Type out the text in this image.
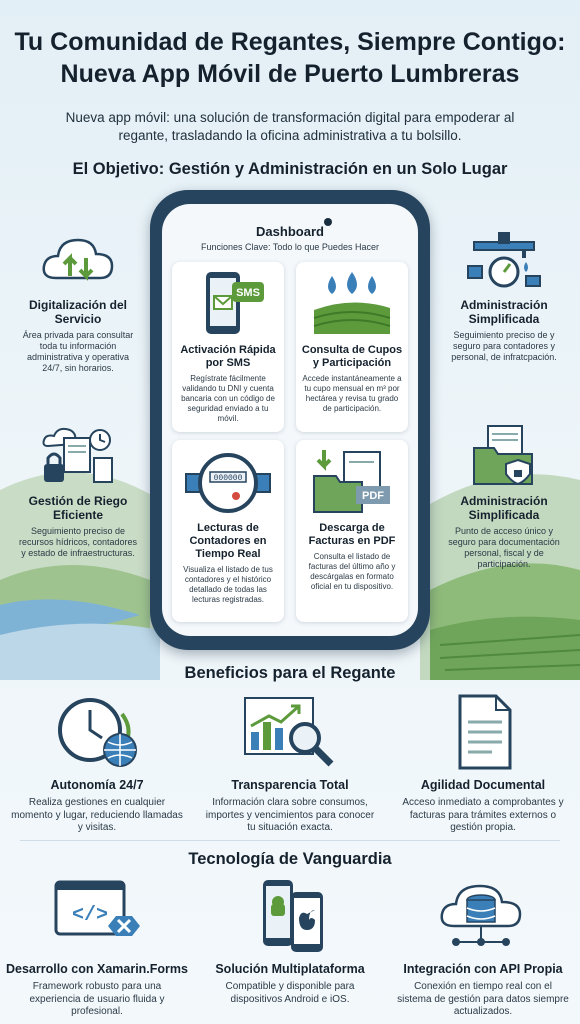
Tu Comunidad de Regantes, Siempre Contigo:
Nueva App Móvil de Puerto Lumbreras

Nueva app móvil: una solución de transformación digital para empoderar al regante, trasladando la oficina administrativa a tu bolsillo.

El Objetivo: Gestión y Administración en un Solo Lugar
Digitalización del Servicio
Área privada para consultar toda tu información administrativa y operativa 24/7, sin horarios.
Gestión de Riego Eficiente
Seguimiento preciso de recursos hídricos, contadores y estado de infraestructuras.
Administración Simplificada
Seguimiento preciso de y seguro para contadores y personal, de infratcpación.
Administración Simplificada
Punto de acceso único y seguro para documentación personal, fiscal y de participación.
Dashboard
Funciones Clave: Todo lo que Puedes Hacer
SMS
Activación Rápida por SMS
Regístrate fácilmente validando tu DNI y cuenta bancaria con un código de seguridad enviado a tu móvil.
Consulta de Cupos y Participación
Accede instantáneamente a tu cupo mensual en m³ por hectárea y revisa tu grado de participación.
000000
Lecturas de Contadores en Tiempo Real
Visualiza el listado de tus contadores y el histórico detallado de todas las lecturas registradas.
PDF
Descarga de Facturas en PDF
Consulta el listado de facturas del último año y descárgalas en formato oficial en tu dispositivo.
Beneficios para el Regante
Autonomía 24/7
Realiza gestiones en cualquier momento y lugar, reduciendo llamadas y visitas.
Transparencia Total
Información clara sobre consumos, importes y vencimientos para conocer tu situación exacta.
Agilidad Documental
Acceso inmediato a comprobantes y facturas para trámites externos o gestión propia.
Tecnología de Vanguardia
</>
Desarrollo con Xamarin.Forms
Framework robusto para una experiencia de usuario fluida y profesional.
Solución Multiplataforma
Compatible y disponible para dispositivos Android e iOS.
Integración con API Propia
Conexión en tiempo real con el sistema de gestión para datos siempre actualizados.
